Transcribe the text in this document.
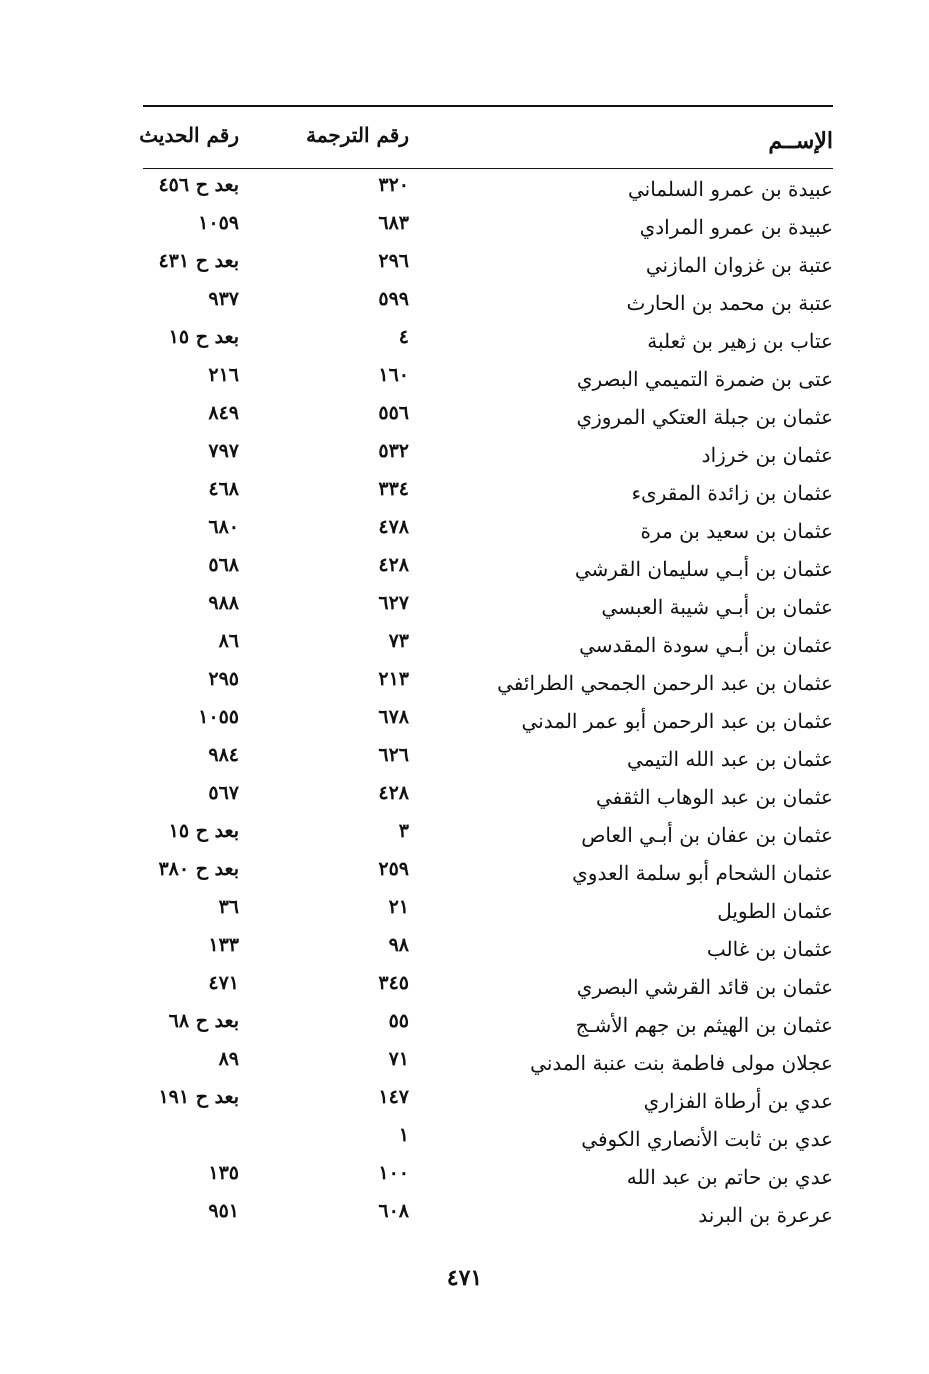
الإســم
رقم الترجمة
رقم الحديث
عبيدة بن عمرو السلماني
٣٢٠
بعد ح ٤٥٦
عبيدة بن عمرو المرادي
٦٨٣
١٠٥٩
عتبة بن غزوان المازني
٢٩٦
بعد ح ٤٣١
عتبة بن محمد بن الحارث
٥٩٩
٩٣٧
عتاب بن زهير بن ثعلبة
٤
بعد ح ١٥
عتى بن ضمرة التميمي البصري
١٦٠
٢١٦
عثمان بن جبلة العتكي المروزي
٥٥٦
٨٤٩
عثمان بن خرزاد
٥٣٢
٧٩٧
عثمان بن زائدة المقرىء
٣٣٤
٤٦٨
عثمان بن سعيد بن مرة
٤٧٨
٦٨٠
عثمان بن أبـي سليمان القرشي
٤٢٨
٥٦٨
عثمان بن أبـي شيبة العبسي
٦٢٧
٩٨٨
عثمان بن أبـي سودة المقدسي
٧٣
٨٦
عثمان بن عبد الرحمن الجمحي الطرائفي
٢١٣
٢٩٥
عثمان بن عبد الرحمن أبو عمر المدني
٦٧٨
١٠٥٥
عثمان بن عبد الله التيمي
٦٢٦
٩٨٤
عثمان بن عبد الوهاب الثقفي
٤٢٨
٥٦٧
عثمان بن عفان بن أبـي العاص
٣
بعد ح ١٥
عثمان الشحام أبو سلمة العدوي
٢٥٩
بعد ح ٣٨٠
عثمان الطويل
٢١
٣٦
عثمان بن غالب
٩٨
١٣٣
عثمان بن قائد القرشي البصري
٣٤٥
٤٧١
عثمان بن الهيثم بن جهم الأشـج
٥٥
بعد ح ٦٨
عجلان مولى فاطمة بنت عنبة المدني
٧١
٨٩
عدي بن أرطاة الفزاري
١٤٧
بعد ح ١٩١
عدي بن ثابت الأنصاري الكوفي
١
عدي بن حاتم بن عبد الله
١٠٠
١٣٥
عرعرة بن البرند
٦٠٨
٩٥١
٤٧١
